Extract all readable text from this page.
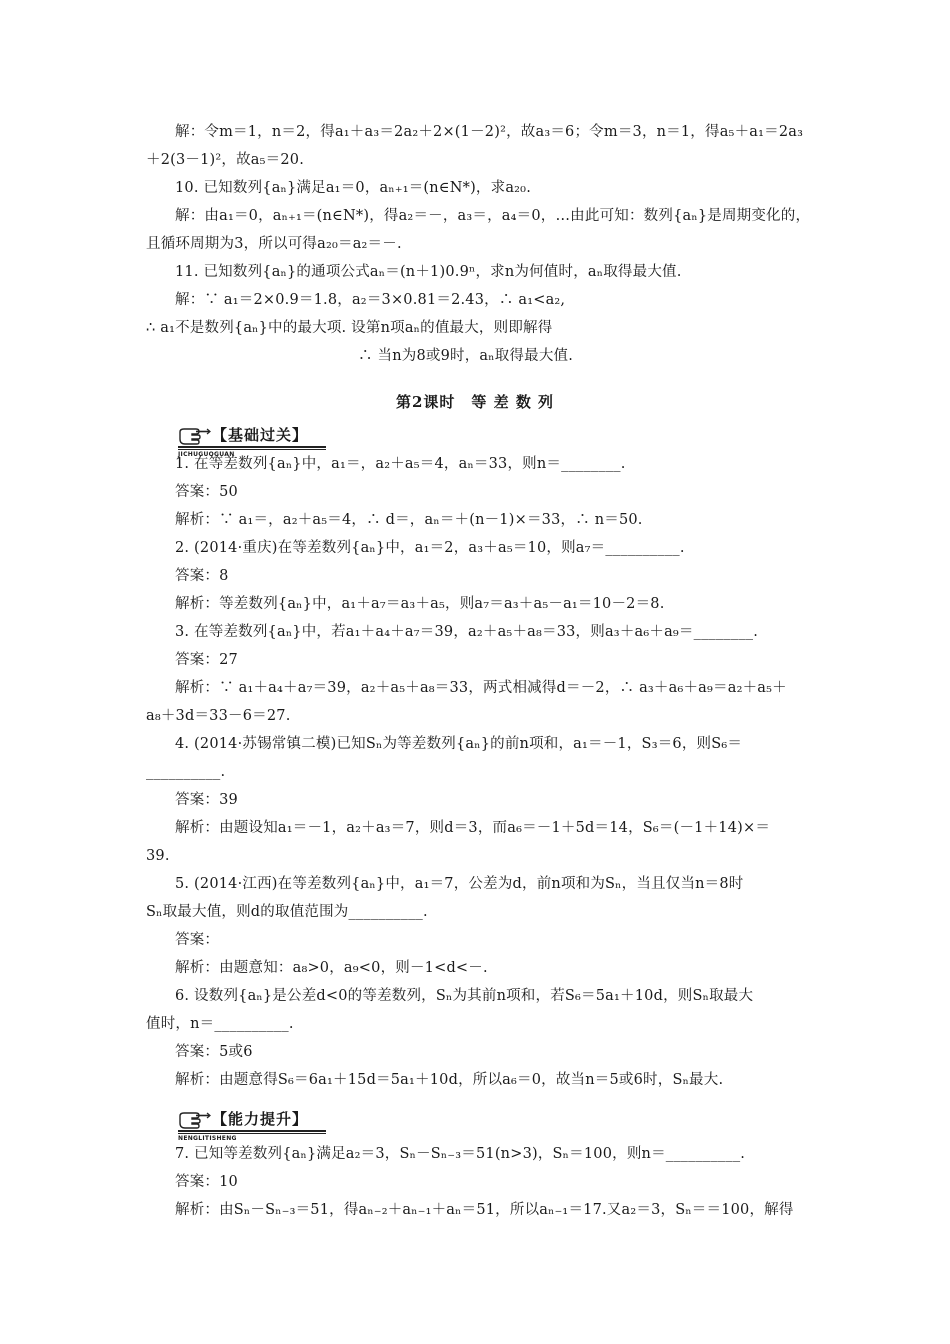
解：令m＝1，n＝2，得a₁＋a₃＝2a₂＋2×(1－2)²，故a₃＝6；令m＝3，n＝1，得a₅＋a₁＝2a₃
＋2(3－1)²，故a₅＝20.
10. 已知数列{aₙ}满足a₁＝0，aₙ₊₁＝(n∈N*)，求a₂₀.
解：由a₁＝0，aₙ₊₁＝(n∈N*)，得a₂＝－，a₃＝，a₄＝0，…由此可知：数列{aₙ}是周期变化的，
且循环周期为3，所以可得a₂₀＝a₂＝－.
11. 已知数列{aₙ}的通项公式aₙ＝(n＋1)0.9ⁿ，求n为何值时，aₙ取得最大值.
解：∵ a₁＝2×0.9＝1.8，a₂＝3×0.81＝2.43，∴ a₁<a₂,
∴ a₁不是数列{aₙ}中的最大项. 设第n项aₙ的值最大，则即解得
∴ 当n为8或9时，aₙ取得最大值.
第2课时　等 差 数 列
【基础过关】
JICHUGUOGUAN
1. 在等差数列{aₙ}中，a₁＝，a₂＋a₅＝4，aₙ＝33，则n＝________.
答案：50
解析：∵ a₁＝，a₂＋a₅＝4，∴ d＝，aₙ＝＋(n－1)×＝33，∴ n＝50.
2. (2014·重庆)在等差数列{aₙ}中，a₁＝2，a₃＋a₅＝10，则a₇＝__________.
答案：8
解析：等差数列{aₙ}中，a₁＋a₇＝a₃＋a₅，则a₇＝a₃＋a₅－a₁＝10－2＝8.
3. 在等差数列{aₙ}中，若a₁＋a₄＋a₇＝39，a₂＋a₅＋a₈＝33，则a₃＋a₆＋a₉＝________.
答案：27
解析：∵ a₁＋a₄＋a₇＝39，a₂＋a₅＋a₈＝33，两式相减得d＝－2，∴ a₃＋a₆＋a₉＝a₂＋a₅＋
a₈＋3d＝33－6＝27.
4. (2014·苏锡常镇二模)已知Sₙ为等差数列{aₙ}的前n项和，a₁＝－1，S₃＝6，则S₆＝
__________.
答案：39
解析：由题设知a₁＝－1，a₂＋a₃＝7，则d＝3，而a₆＝－1＋5d＝14，S₆＝(－1＋14)×＝
39.
5. (2014·江西)在等差数列{aₙ}中，a₁＝7，公差为d，前n项和为Sₙ，当且仅当n＝8时
Sₙ取最大值，则d的取值范围为__________.
答案：
解析：由题意知：a₈>0，a₉<0，则－1<d<－.
6. 设数列{aₙ}是公差d<0的等差数列，Sₙ为其前n项和，若S₆＝5a₁＋10d，则Sₙ取最大
值时，n＝__________.
答案：5或6
解析：由题意得S₆＝6a₁＋15d＝5a₁＋10d，所以a₆＝0，故当n＝5或6时，Sₙ最大.
【能力提升】
NENGLITISHENG
7. 已知等差数列{aₙ}满足a₂＝3，Sₙ－Sₙ₋₃＝51(n>3)，Sₙ＝100，则n＝__________.
答案：10
解析：由Sₙ－Sₙ₋₃＝51，得aₙ₋₂＋aₙ₋₁＋aₙ＝51，所以aₙ₋₁＝17.又a₂＝3，Sₙ＝＝100，解得
